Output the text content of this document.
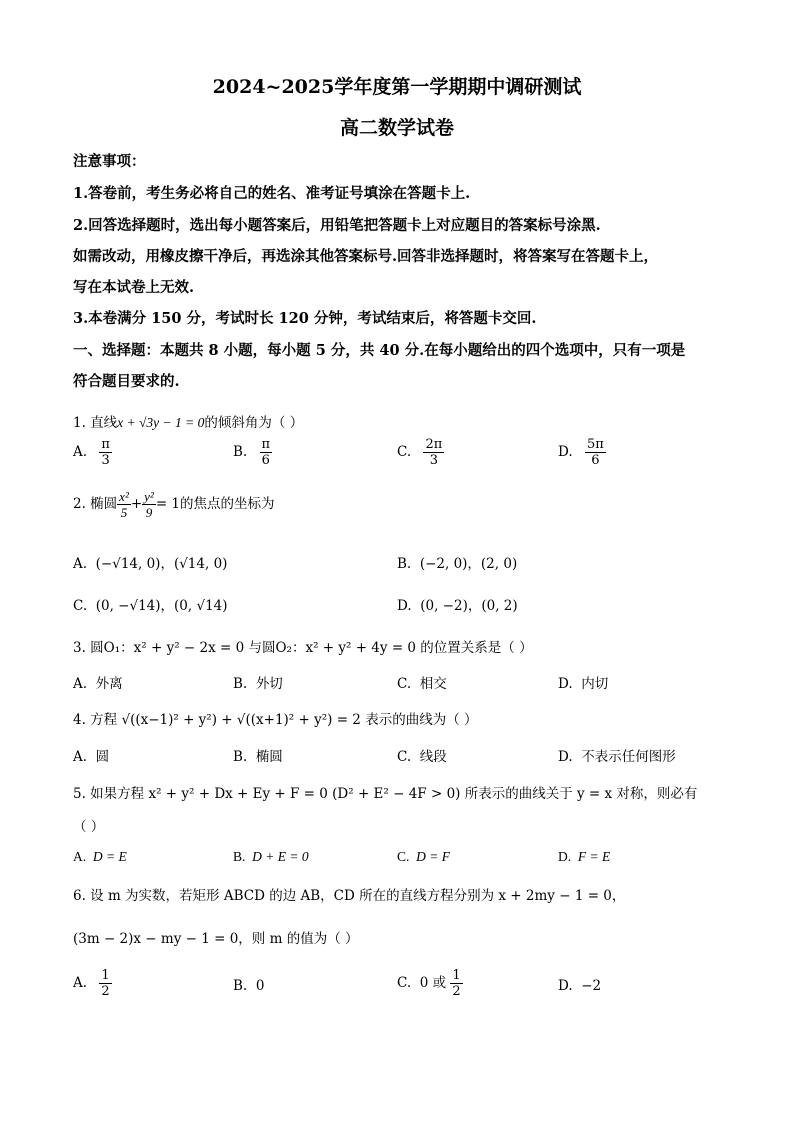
2024~2025学年度第一学期期中调研测试
高二数学试卷
注意事项：
1.答卷前，考生务必将自己的姓名、准考证号填涂在答题卡上.
2.回答选择题时，选出每小题答案后，用铅笔把答题卡上对应题目的答案标号涂黑.
如需改动，用橡皮擦干净后，再选涂其他答案标号.回答非选择题时，将答案写在答题卡上，
写在本试卷上无效.
3.本卷满分 150 分，考试时长 120 分钟，考试结束后，将答题卡交回.
一、选择题：本题共 8 小题，每小题 5 分，共 40 分.在每小题给出的四个选项中，只有一项是
符合题目要求的.
1. 直线x + √3y − 1 = 0的倾斜角为（ ）
A. $\frac{\pi}{3}$	B. $\frac{\pi}{6}$	C. $\frac{2\pi}{3}$	D. $\frac{5\pi}{6}$
2. 椭圆 $\frac{\text{x²}}{5} + \frac{\text{y²}}{9} = 1$的焦点的坐标为
A. (−√14, 0)，(√14, 0)	B. (−2, 0)，(2, 0)
C. (0, −√14)，(0, √14)	D. (0, −2)，(0, 2)
3. 圆O₁：x² + y² − 2x = 0 与圆O₂：x² + y² + 4y = 0 的位置关系是（ ）
A. 外离	B. 外切	C. 相交	D. 内切
4. 方程 √((x−1)² + y²) + √((x+1)² + y²) = 2 表示的曲线为（ ）
A. 圆	B. 椭圆	C. 线段	D. 不表示任何图形
5. 如果方程 x² + y² + Dx + Ey + F = 0 (D² + E² − 4F > 0) 所表示的曲线关于 y = x 对称，则必有
（ ）
A. D = E	B. D + E = 0	C. D = F	D. F = E
6. 设 m 为实数，若矩形 ABCD 的边 AB，CD 所在的直线方程分别为 x + 2my − 1 = 0，
(3m − 2)x − my − 1 = 0，则 m 的值为（ ）
A. $\frac{1}{2}$	B. 0	C. 0 或 $\frac{1}{2}$	D. −2
